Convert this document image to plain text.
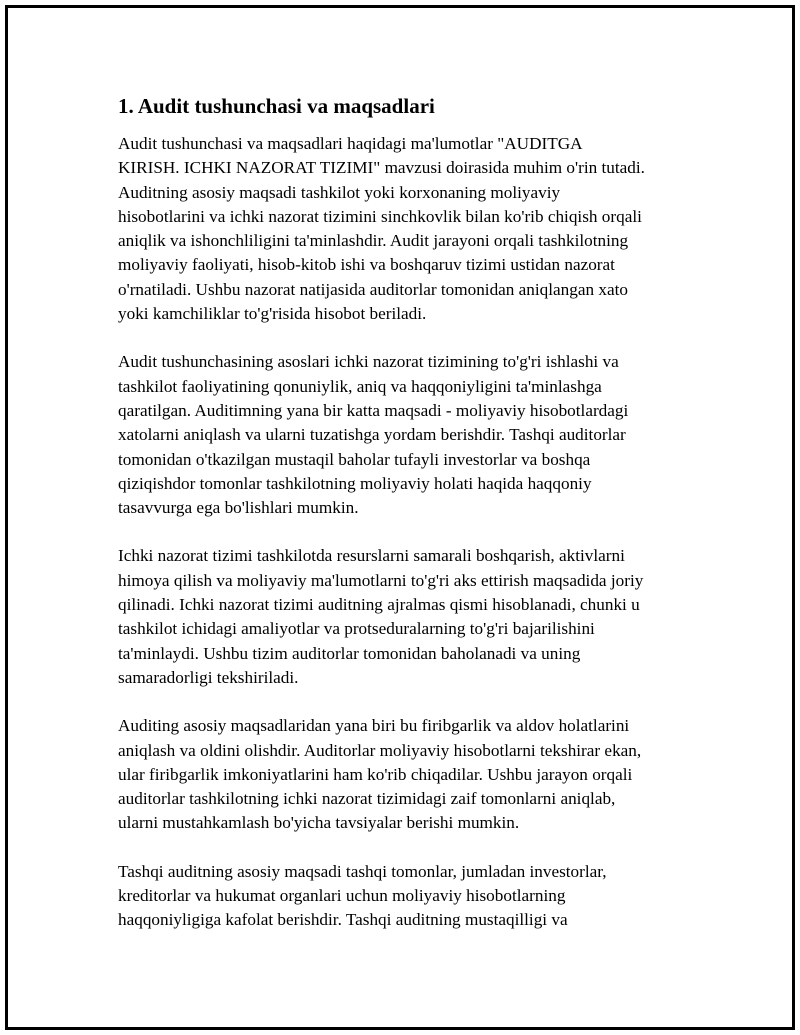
1. Audit tushunchasi va maqsadlari

Audit tushunchasi va maqsadlari haqidagi ma'lumotlar "AUDITGA
KIRISH. ICHKI NAZORAT TIZIMI" mavzusi doirasida muhim o'rin tutadi.
Auditning asosiy maqsadi tashkilot yoki korxonaning moliyaviy
hisobotlarini va ichki nazorat tizimini sinchkovlik bilan ko'rib chiqish orqali
aniqlik va ishonchliligini ta'minlashdir. Audit jarayoni orqali tashkilotning
moliyaviy faoliyati, hisob-kitob ishi va boshqaruv tizimi ustidan nazorat
o'rnatiladi. Ushbu nazorat natijasida auditorlar tomonidan aniqlangan xato
yoki kamchiliklar to'g'risida hisobot beriladi.

Audit tushunchasining asoslari ichki nazorat tizimining to'g'ri ishlashi va
tashkilot faoliyatining qonuniylik, aniq va haqqoniyligini ta'minlashga
qaratilgan. Auditimning yana bir katta maqsadi - moliyaviy hisobotlardagi
xatolarni aniqlash va ularni tuzatishga yordam berishdir. Tashqi auditorlar
tomonidan o'tkazilgan mustaqil baholar tufayli investorlar va boshqa
qiziqishdor tomonlar tashkilotning moliyaviy holati haqida haqqoniy
tasavvurga ega bo'lishlari mumkin.

Ichki nazorat tizimi tashkilotda resurslarni samarali boshqarish, aktivlarni
himoya qilish va moliyaviy ma'lumotlarni to'g'ri aks ettirish maqsadida joriy
qilinadi. Ichki nazorat tizimi auditning ajralmas qismi hisoblanadi, chunki u
tashkilot ichidagi amaliyotlar va protseduralarning to'g'ri bajarilishini
ta'minlaydi. Ushbu tizim auditorlar tomonidan baholanadi va uning
samaradorligi tekshiriladi.

Auditing asosiy maqsadlaridan yana biri bu firibgarlik va aldov holatlarini
aniqlash va oldini olishdir. Auditorlar moliyaviy hisobotlarni tekshirar ekan,
ular firibgarlik imkoniyatlarini ham ko'rib chiqadilar. Ushbu jarayon orqali
auditorlar tashkilotning ichki nazorat tizimidagi zaif tomonlarni aniqlab,
ularni mustahkamlash bo'yicha tavsiyalar berishi mumkin.

Tashqi auditning asosiy maqsadi tashqi tomonlar, jumladan investorlar,
kreditorlar va hukumat organlari uchun moliyaviy hisobotlarning
haqqoniyligiga kafolat berishdir. Tashqi auditning mustaqilligi va
